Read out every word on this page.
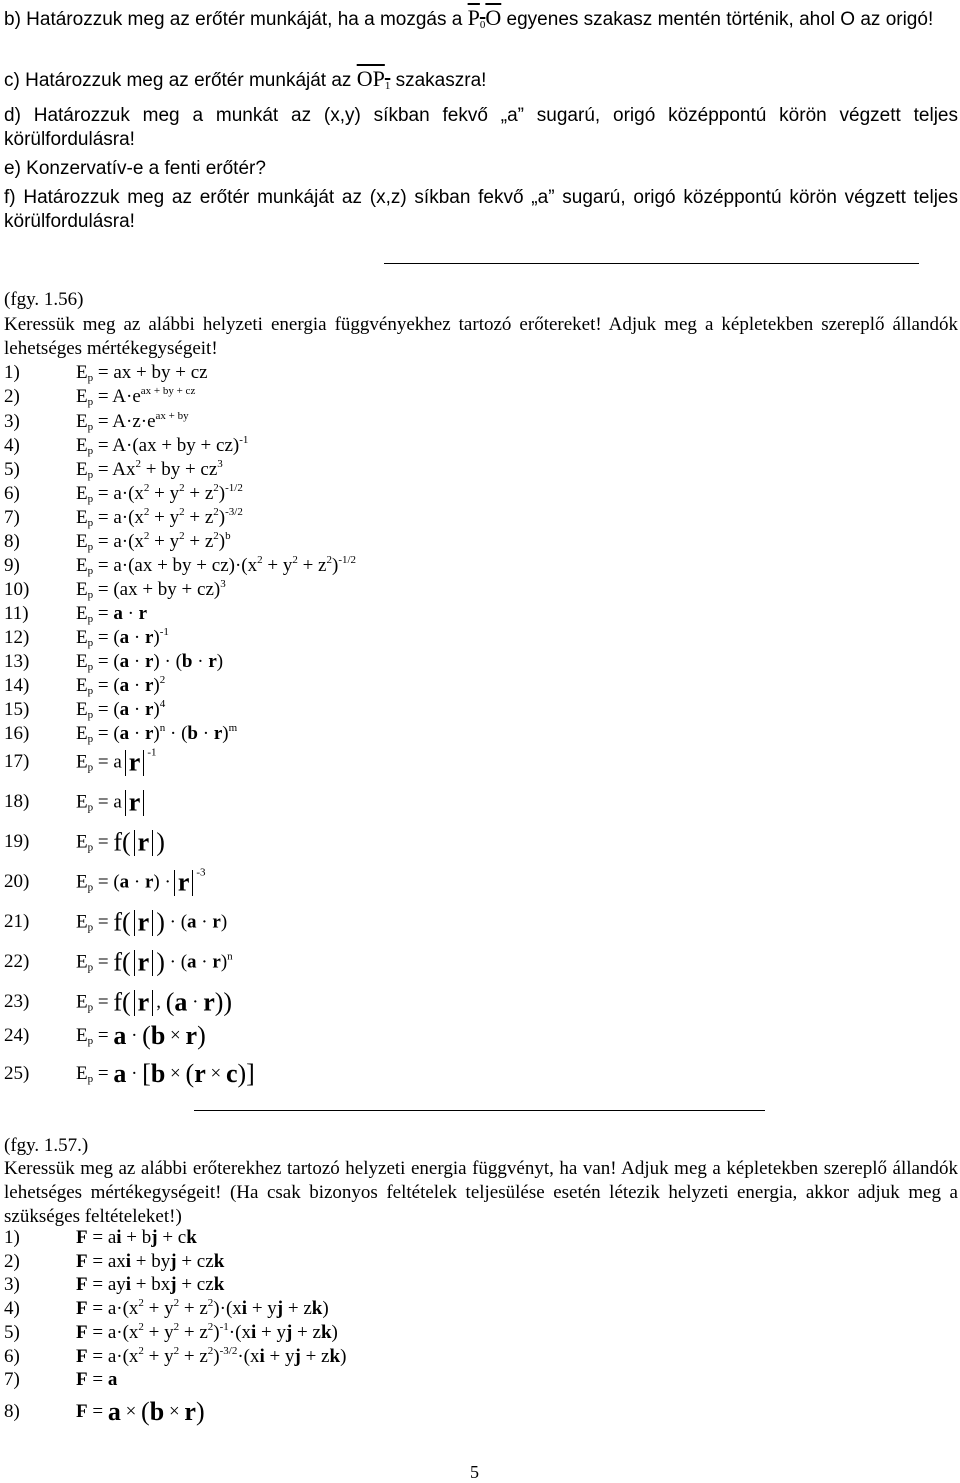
b) Határozzuk meg az erőtér munkáját, ha a mozgás a $P_0O$ egyenes szakasz mentén történik, ahol O az origó!
c) Határozzuk meg az erőtér munkáját az $OP_1$ szakaszra!
d) Határozzuk meg a munkát az (x,y) síkban fekvő „a” sugarú, origó középpontú körön végzett teljes körülfordulásra!
e) Konzervatív-e a fenti erőtér?
f) Határozzuk meg az erőtér munkáját az (x,z) síkban fekvő „a” sugarú, origó középpontú körön végzett teljes körülfordulásra!
(fgy. 1.56)
Keressük meg az alábbi helyzeti energia függvényekhez tartozó erőtereket! Adjuk meg a képletekben szereplő állandók lehetséges mértékegységeit!
1)	$E_p$ = ax + by + cz
2)	$E_p = A\cdot e^{ax + by + cz}$
3)	$E_p = A\cdot z\cdot e^{ax + by}$
4)	$E_p = A\cdot(ax$ + by + cz)$^{-1}$
5)	$E_p = Ax^2$ + by + $cz^3$
6)	$E_p = a\cdot(x^2 + y^2 + z^2)^{-1/2}$
7)	$E_p = a\cdot(x^2 + y^2 + z^2)^{-3/2}$
8)	$E_p = a\cdot(x^2 + y^2 + z^2)^b$
9)	$E_p = a\cdot(ax$ + by + $cz)\cdot(x^2 + y^2 + z^2)^{-1/2}$
10) $E_p = (ax$ + by + cz)$^3$
11) $E_p = a \cdot r$
12) $E_p = (a \cdot r)^{-1}$
13) $E_p = (a \cdot r) \cdot (b \cdot r)$
14) $E_p = (a \cdot r)^2$
15) $E_p = (a \cdot r)^4$
16) $E_p = (a \cdot r)^n \cdot (b \cdot r)^m$
17) $E_p = a$ r $^{-1}$
18) $E_p = a$ r
19) $E_p = f$( r )
20) $E_p = (a \cdot r) \cdot r$ $^{-3}$
21) $E_p = f$( r ) · (a · r)
22) $E_p = f$( r ) · $(a \cdot r)^n$
23) $E_p = f$( r , (a · r))
24) $E_p = a \cdot (b \times r)$
25) $E_p = a \cdot [b \times (r \times c)]$
(fgy. 1.57.)
Keressük meg az alábbi erőterekhez tartozó helyzeti energia függvényt, ha van! Adjuk meg a képletekben szereplő állandók lehetséges mértékegységeit! (Ha csak bizonyos feltételek teljesülése esetén létezik helyzeti energia, akkor adjuk meg a szükséges feltételeket!)
1)	F = ai + bj + ck
2)	F = axi + byj + czk
3)	F = ayi + bxj + czk
4)	$F = a\cdot(x^2 + y^2 + z^2)\cdot(xi$ + yj + zk)
5)	$F = a\cdot(x^2 + y^2 + z^2)^{-1}\cdot(xi$ + yj + zk)
6)	$F = a\cdot(x^2 + y^2 + z^2)^{-3/2}\cdot(xi$ + yj + zk)
7)	F = a
8)	F = a × (b × r)
5
